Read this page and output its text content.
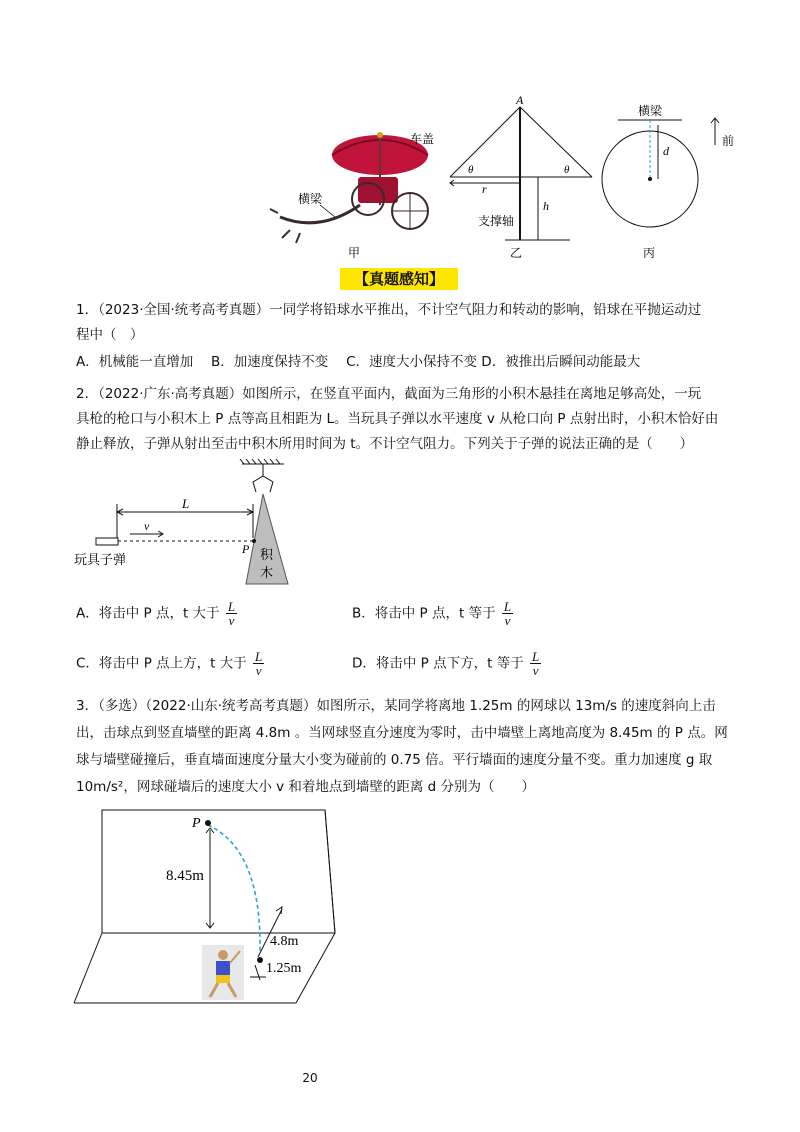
车盖
横梁
甲
A
θ	θ
r
h
支撑轴
乙
横梁
d
前
丙
【真题感知】
1．（2023·全国·统考高考真题）一同学将铅球水平推出，不计空气阻力和转动的影响，铅球在平抛运动过
程中（　）
A．机械能一直增加　 B．加速度保持不变　 C．速度大小保持不变 D．被推出后瞬间动能最大
2．（2022·广东·高考真题）如图所示，在竖直平面内，截面为三角形的小积木悬挂在离地足够高处，一玩
具枪的枪口与小积木上 P 点等高且相距为 L。当玩具子弹以水平速度 v 从枪口向 P 点射出时，小积木恰好由
静止释放，子弹从射出至击中积木所用时间为 t。不计空气阻力。下列关于子弹的说法正确的是（　　）
L
v
P 积
木
玩具子弹
A．将击中 P 点，t 大于 $\frac{L}{v}$	B．将击中 P 点，t 等于 $\frac{L}{v}$
C．将击中 P 点上方，t 大于 $\frac{L}{v}$	D．将击中 P 点下方，t 等于 $\frac{L}{v}$
3．（多选）（2022·山东·统考高考真题）如图所示，某同学将离地 1.25m 的网球以 13m/s 的速度斜向上击
出，击球点到竖直墙壁的距离 4.8m 。当网球竖直分速度为零时，击中墙壁上离地高度为 8.45m 的 P 点。网
球与墙壁碰撞后，垂直墙面速度分量大小变为碰前的 0.75 倍。平行墙面的速度分量不变。重力加速度 g 取
10m/s²，网球碰墙后的速度大小 v 和着地点到墙壁的距离 d 分别为（　　）
P
8.45m
4.8m
1.25m
20
